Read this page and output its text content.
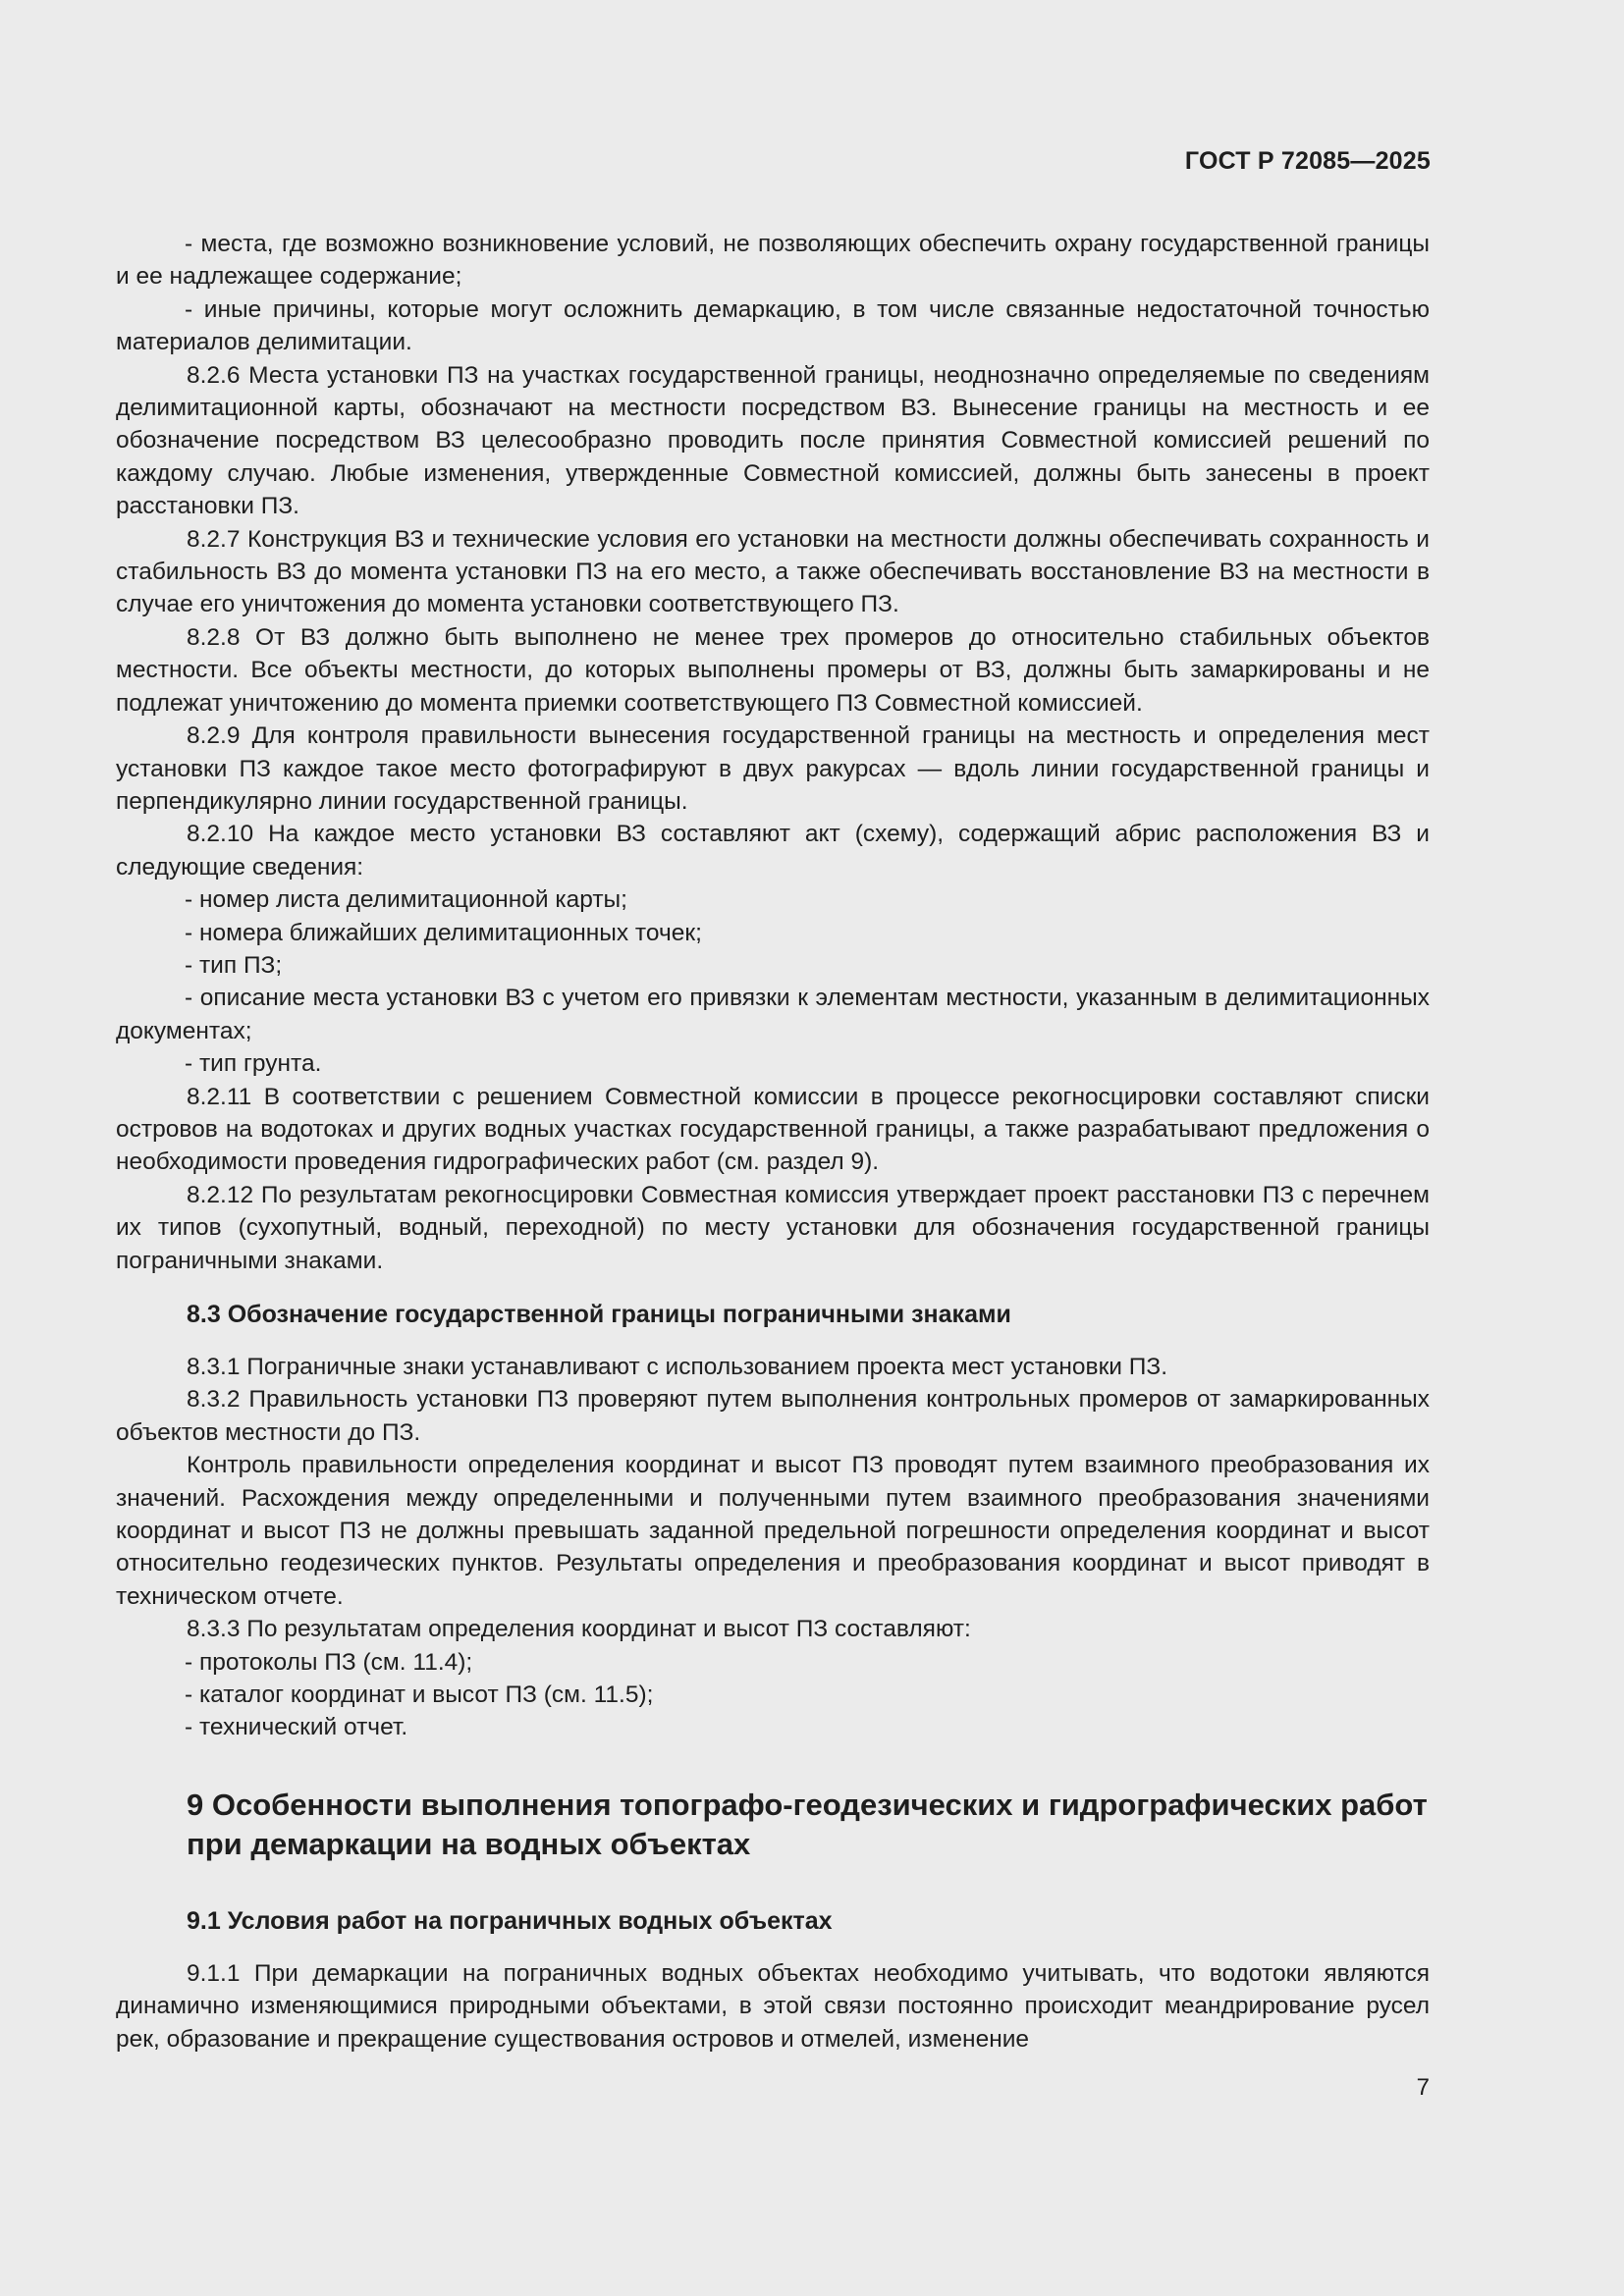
ГОСТ Р 72085—2025

- места, где возможно возникновение условий, не позволяющих обеспечить охрану государственной границы и ее надлежащее содержание;

- иные причины, которые могут осложнить демаркацию, в том числе связанные недостаточной точностью материалов делимитации.

8.2.6 Места установки ПЗ на участках государственной границы, неоднозначно определяемые по сведениям делимитационной карты, обозначают на местности посредством ВЗ. Вынесение границы на местность и ее обозначение посредством ВЗ целесообразно проводить после принятия Совместной комиссией решений по каждому случаю. Любые изменения, утвержденные Совместной комиссией, должны быть занесены в проект расстановки ПЗ.

8.2.7 Конструкция ВЗ и технические условия его установки на местности должны обеспечивать сохранность и стабильность ВЗ до момента установки ПЗ на его место, а также обеспечивать восстановление ВЗ на местности в случае его уничтожения до момента установки соответствующего ПЗ.

8.2.8 От ВЗ должно быть выполнено не менее трех промеров до относительно стабильных объектов местности. Все объекты местности, до которых выполнены промеры от ВЗ, должны быть замаркированы и не подлежат уничтожению до момента приемки соответствующего ПЗ Совместной комиссией.

8.2.9 Для контроля правильности вынесения государственной границы на местность и определения мест установки ПЗ каждое такое место фотографируют в двух ракурсах — вдоль линии государственной границы и перпендикулярно линии государственной границы.

8.2.10 На каждое место установки ВЗ составляют акт (схему), содержащий абрис расположения ВЗ и следующие сведения:

- номер листа делимитационной карты;

- номера ближайших делимитационных точек;

- тип ПЗ;

- описание места установки ВЗ с учетом его привязки к элементам местности, указанным в делимитационных документах;

- тип грунта.

8.2.11 В соответствии с решением Совместной комиссии в процессе рекогносцировки составляют списки островов на водотоках и других водных участках государственной границы, а также разрабатывают предложения о необходимости проведения гидрографических работ (см. раздел 9).

8.2.12 По результатам рекогносцировки Совместная комиссия утверждает проект расстановки ПЗ с перечнем их типов (сухопутный, водный, переходной) по месту установки для обозначения государственной границы пограничными знаками.

8.3 Обозначение государственной границы пограничными знаками

8.3.1 Пограничные знаки устанавливают с использованием проекта мест установки ПЗ.

8.3.2 Правильность установки ПЗ проверяют путем выполнения контрольных промеров от замаркированных объектов местности до ПЗ.

Контроль правильности определения координат и высот ПЗ проводят путем взаимного преобразования их значений. Расхождения между определенными и полученными путем взаимного преобразования значениями координат и высот ПЗ не должны превышать заданной предельной погрешности определения координат и высот относительно геодезических пунктов. Результаты определения и преобразования координат и высот приводят в техническом отчете.

8.3.3 По результатам определения координат и высот ПЗ составляют:

- протоколы ПЗ (см. 11.4);

- каталог координат и высот ПЗ (см. 11.5);

- технический отчет.

9 Особенности выполнения топографо-геодезических и гидрографических работ при демаркации на водных объектах
9.1 Условия работ на пограничных водных объектах

9.1.1 При демаркации на пограничных водных объектах необходимо учитывать, что водотоки являются динамично изменяющимися природными объектами, в этой связи постоянно происходит меандрирование русел рек, образование и прекращение существования островов и отмелей, изменение

7
